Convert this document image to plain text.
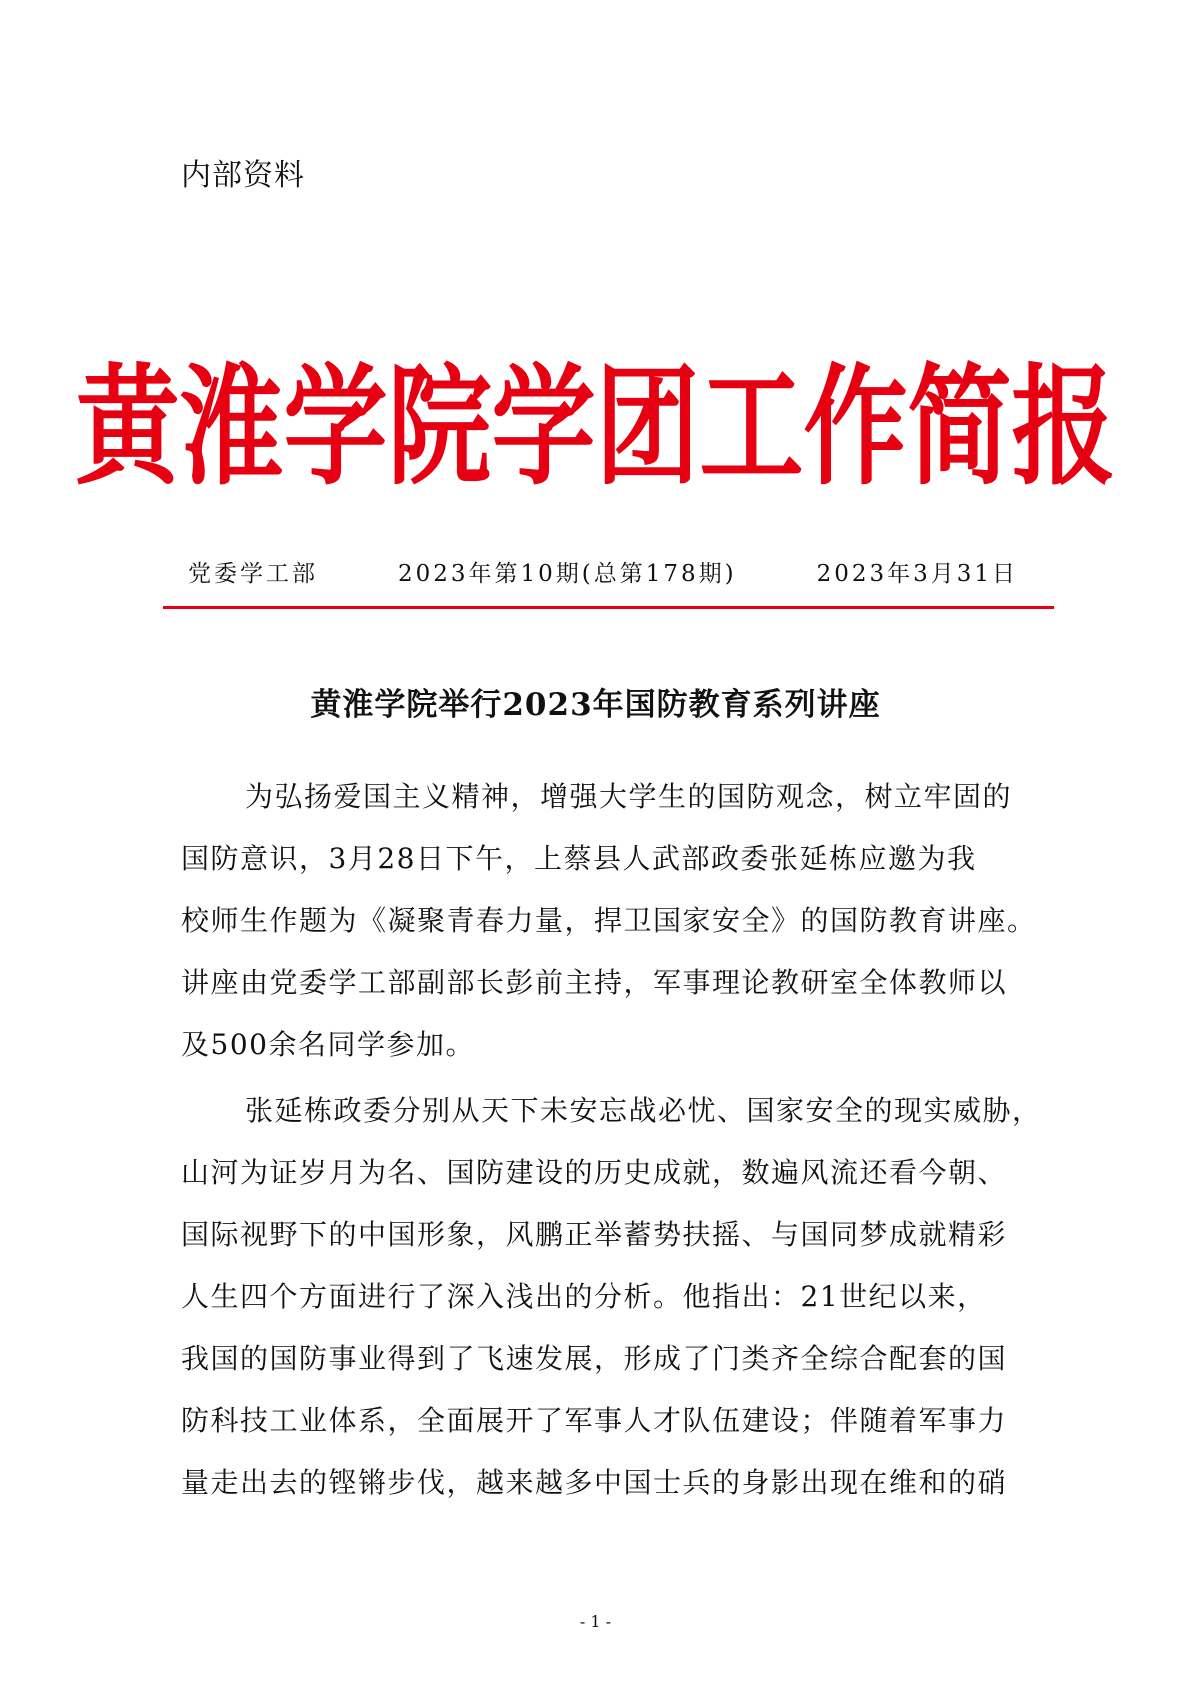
内部资料
黄淮学院学团工作简报
党委学工部	2023年第10期(总第178期)	2023年3月31日
黄淮学院举行2023年国防教育系列讲座
为弘扬爱国主义精神，增强大学生的国防观念，树立牢固的
国防意识，3月28日下午，上蔡县人武部政委张延栋应邀为我
校师生作题为《凝聚青春力量，捍卫国家安全》的国防教育讲座。
讲座由党委学工部副部长彭前主持，军事理论教研室全体教师以
及500余名同学参加。
张延栋政委分别从天下未安忘战必忧、国家安全的现实威胁，
山河为证岁月为名、国防建设的历史成就，数遍风流还看今朝、
国际视野下的中国形象，风鹏正举蓄势扶摇、与国同梦成就精彩
人生四个方面进行了深入浅出的分析。他指出：21世纪以来，
我国的国防事业得到了飞速发展，形成了门类齐全综合配套的国
防科技工业体系，全面展开了军事人才队伍建设；伴随着军事力
量走出去的铿锵步伐，越来越多中国士兵的身影出现在维和的硝
- 1 -
